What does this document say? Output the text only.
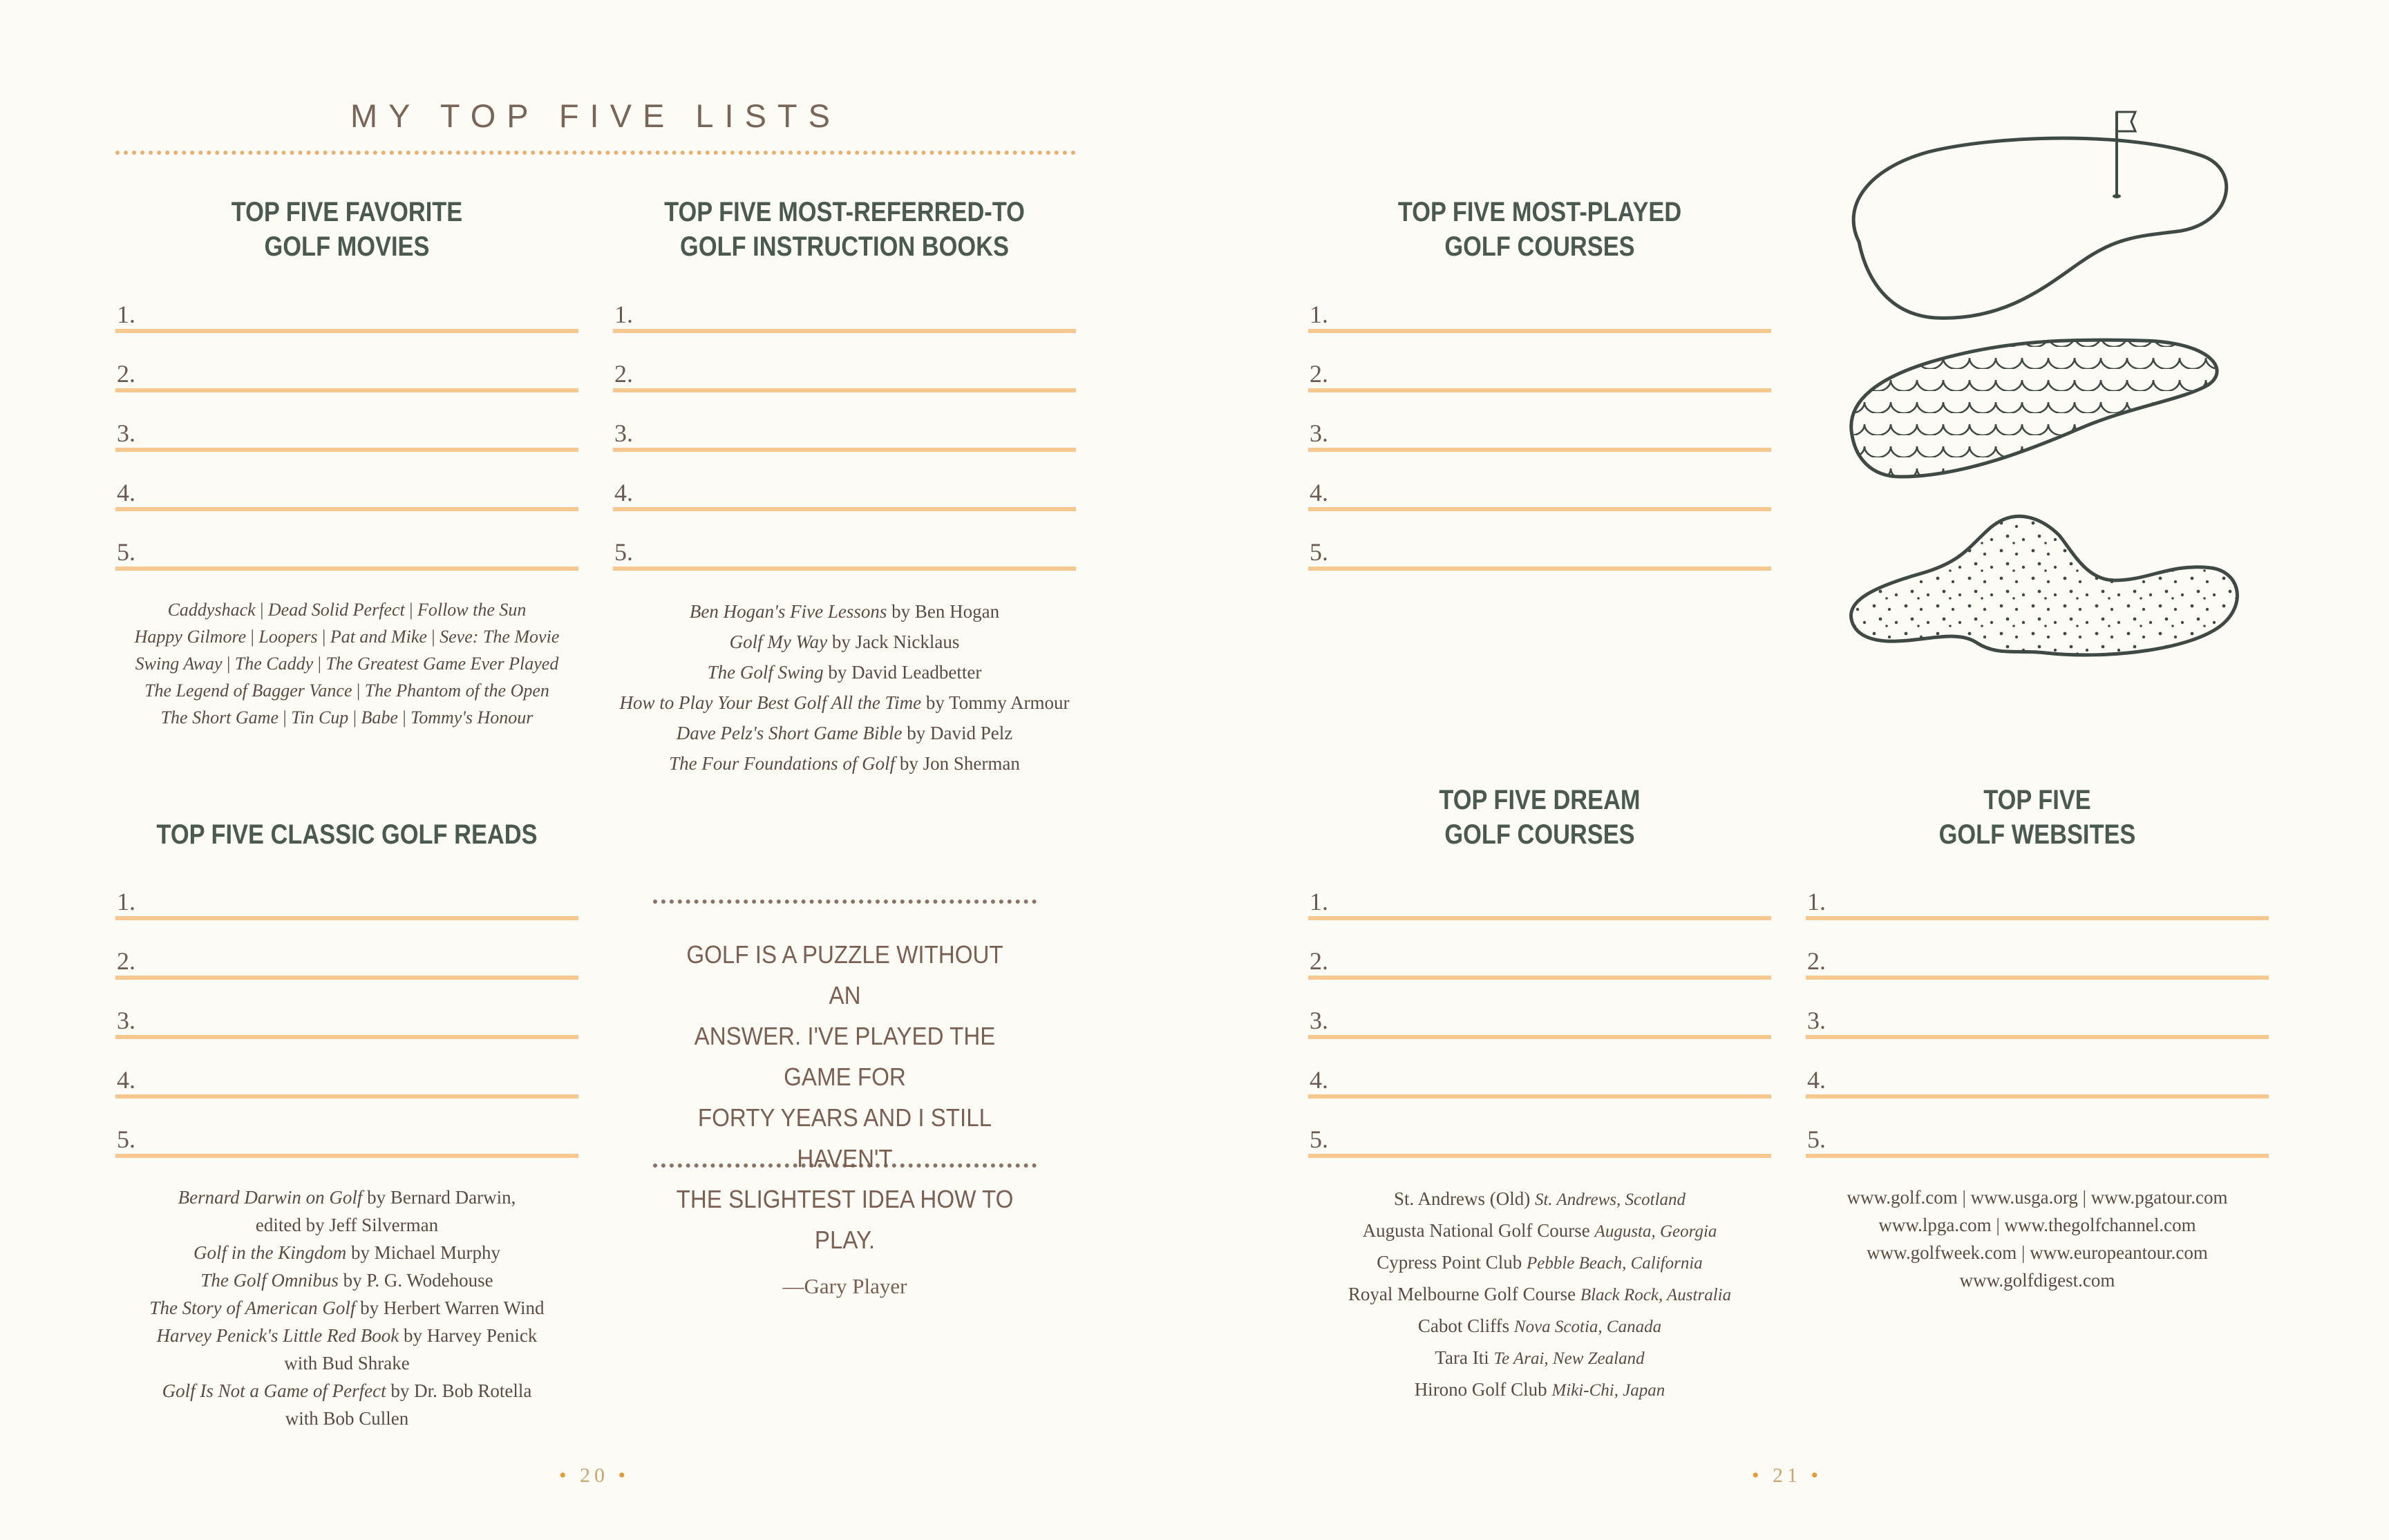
MY TOP FIVE LISTS
TOP FIVE FAVORITE
GOLF MOVIES
1.
2.
3.
4.
5.
Caddyshack | Dead Solid Perfect | Follow the Sun
Happy Gilmore | Loopers | Pat and Mike | Seve: The Movie
Swing Away | The Caddy | The Greatest Game Ever Played
The Legend of Bagger Vance | The Phantom of the Open
The Short Game | Tin Cup | Babe | Tommy's Honour
TOP FIVE MOST-REFERRED-TO
GOLF INSTRUCTION BOOKS
1.
2.
3.
4.
5.
Ben Hogan's Five Lessons by Ben Hogan
Golf My Way by Jack Nicklaus
The Golf Swing by David Leadbetter
How to Play Your Best Golf All the Time by Tommy Armour
Dave Pelz's Short Game Bible by David Pelz
The Four Foundations of Golf by Jon Sherman
TOP FIVE CLASSIC GOLF READS
1.
2.
3.
4.
5.
Bernard Darwin on Golf by Bernard Darwin,
edited by Jeff Silverman
Golf in the Kingdom by Michael Murphy
The Golf Omnibus by P. G. Wodehouse
The Story of American Golf by Herbert Warren Wind
Harvey Penick's Little Red Book by Harvey Penick
with Bud Shrake
Golf Is Not a Game of Perfect by Dr. Bob Rotella
with Bob Cullen
GOLF IS A PUZZLE WITHOUT AN
ANSWER. I'VE PLAYED THE GAME FOR
FORTY YEARS AND I STILL HAVEN'T
THE SLIGHTEST IDEA HOW TO PLAY.
—Gary Player
• 20 •
TOP FIVE MOST-PLAYED
GOLF COURSES
1.
2.
3.
4.
5.
TOP FIVE DREAM
GOLF COURSES
1.
2.
3.
4.
5.
St. Andrews (Old) St. Andrews, Scotland
Augusta National Golf Course Augusta, Georgia
Cypress Point Club Pebble Beach, California
Royal Melbourne Golf Course Black Rock, Australia
Cabot Cliffs Nova Scotia, Canada
Tara Iti Te Arai, New Zealand
Hirono Golf Club Miki-Chi, Japan
TOP FIVE
GOLF WEBSITES
1.
2.
3.
4.
5.
www.golf.com | www.usga.org | www.pgatour.com
www.lpga.com | www.thegolfchannel.com
www.golfweek.com | www.europeantour.com
www.golfdigest.com
• 21 •
